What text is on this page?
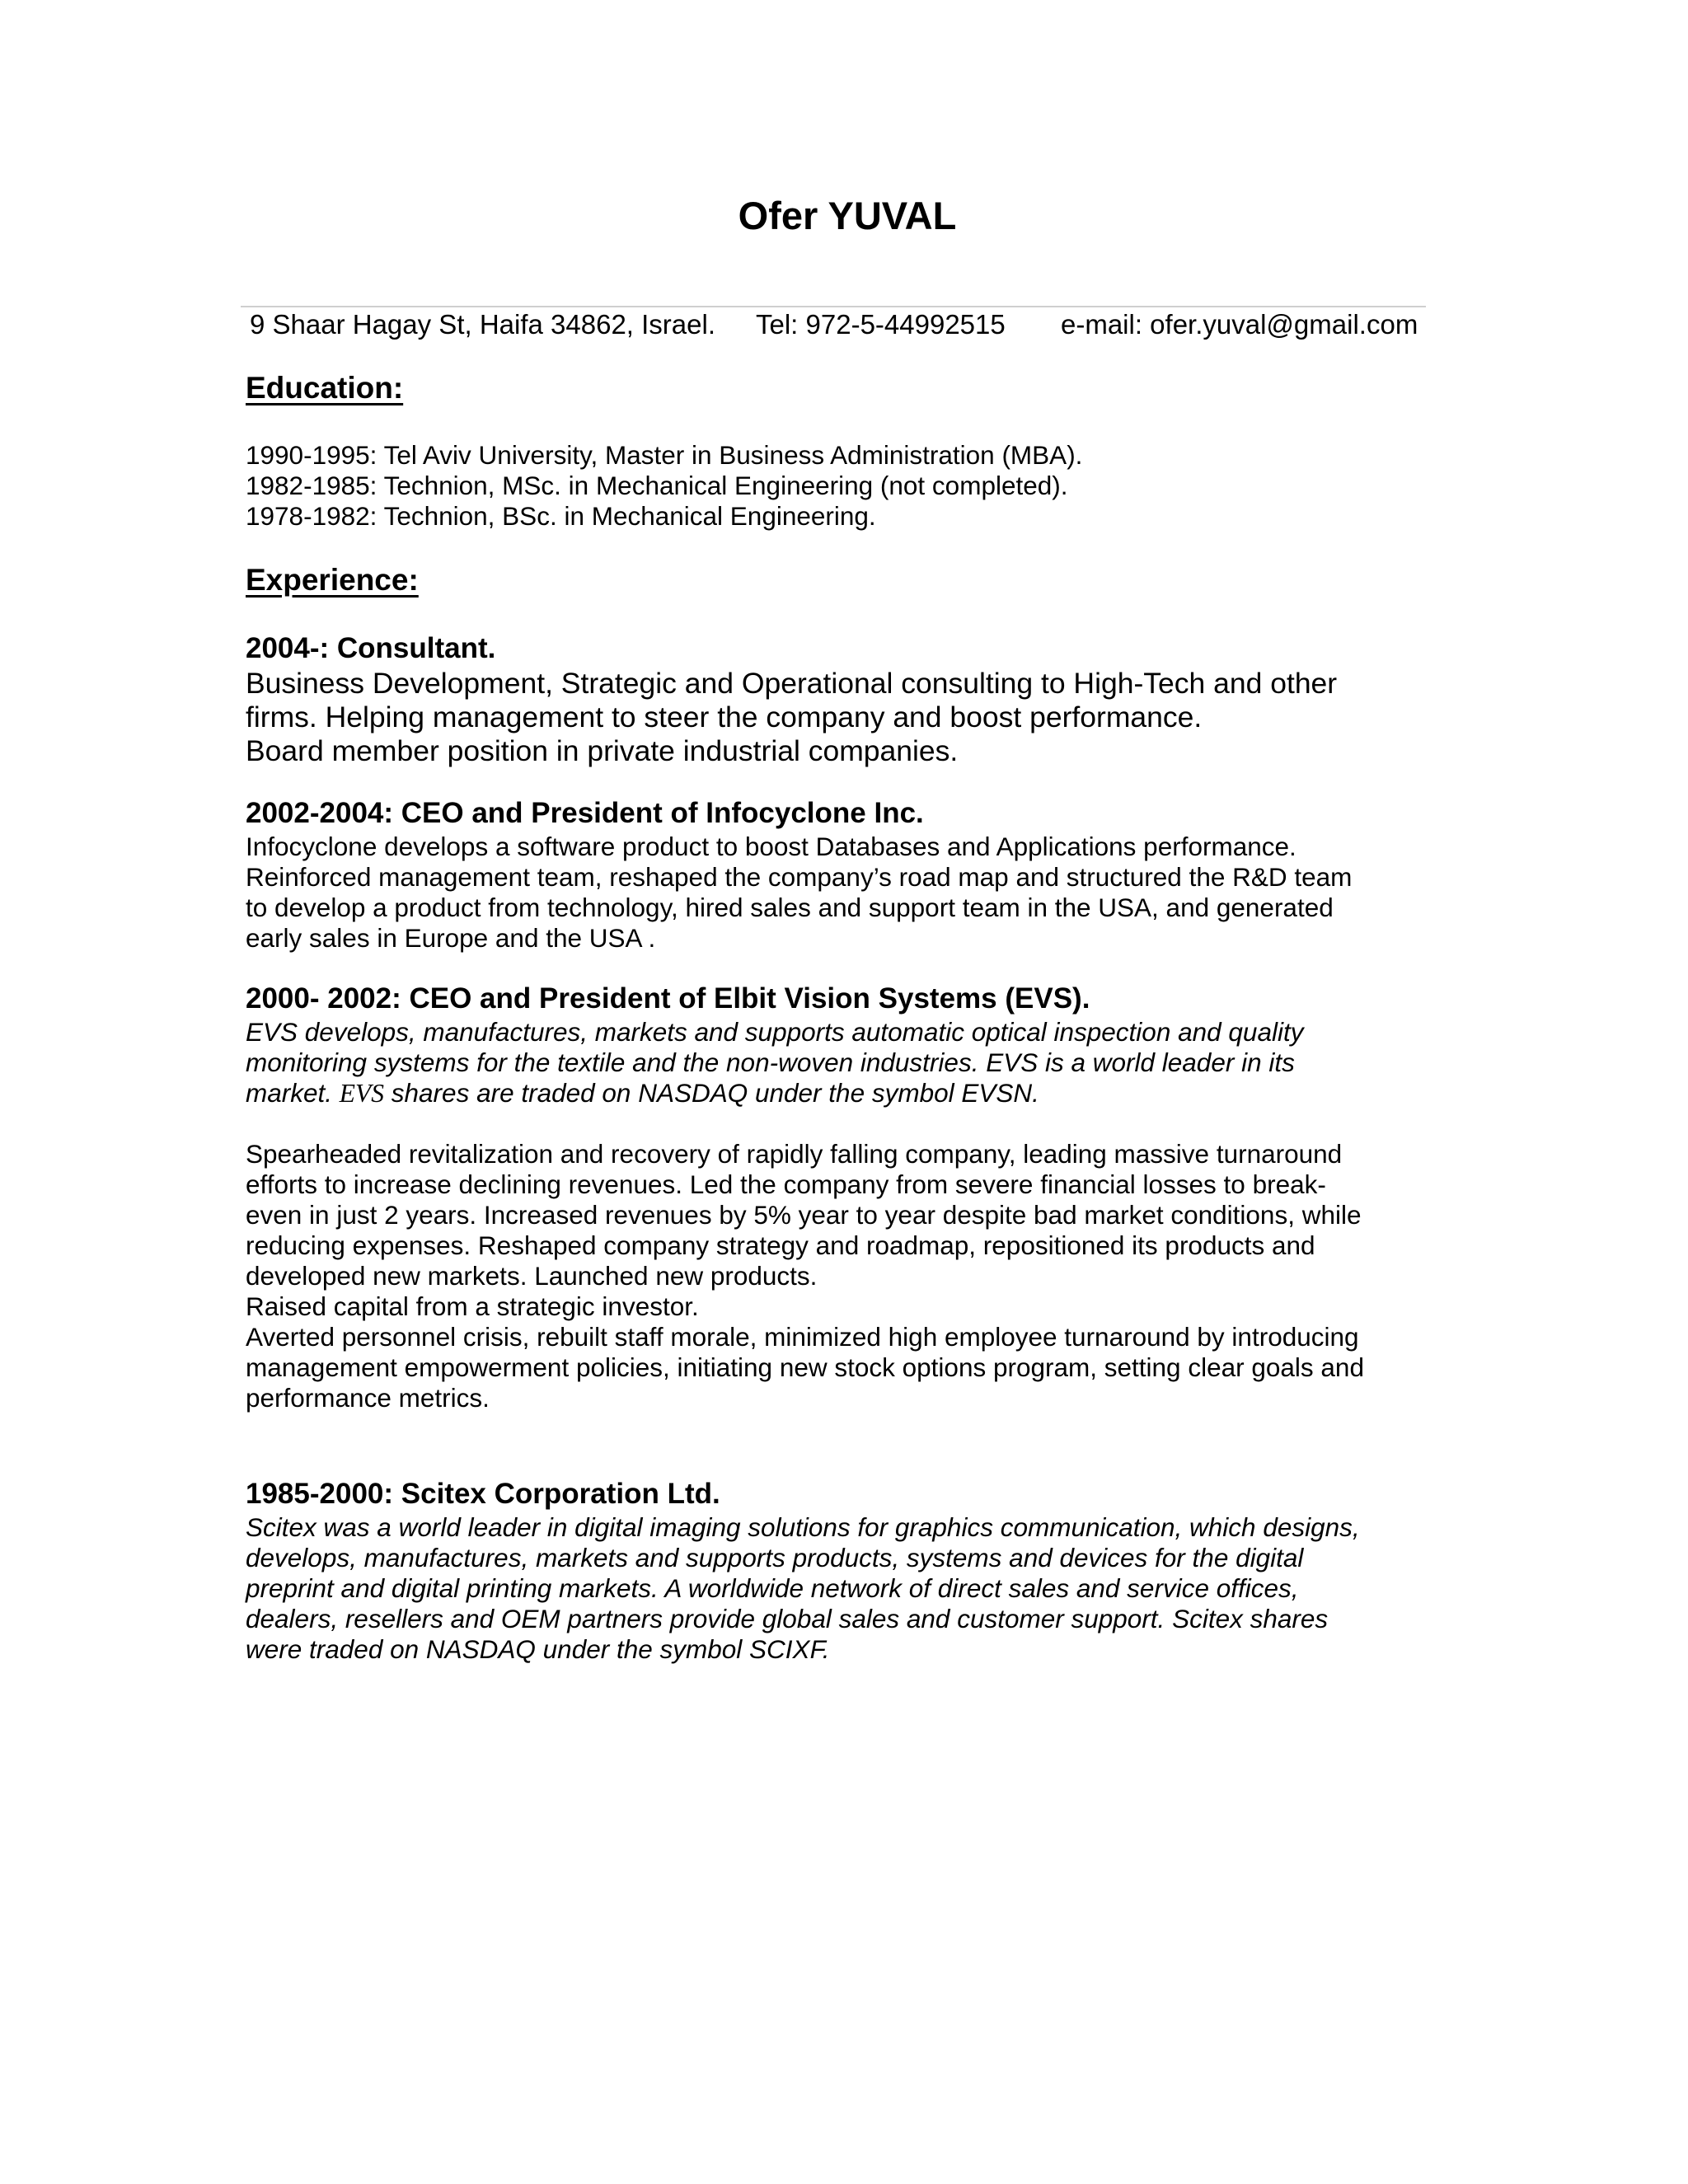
Ofer YUVAL
9 Shaar Hagay St, Haifa 34862, Israel. Tel: 972-5-44992515 e-mail: ofer.yuval@gmail.com
Education:
1990-1995: Tel Aviv University, Master in Business Administration (MBA).
1982-1985: Technion, MSc. in Mechanical Engineering (not completed).
1978-1982: Technion, BSc. in Mechanical Engineering.
Experience:
2004-: Consultant.
Business Development, Strategic and Operational consulting to High-Tech and other
firms. Helping management to steer the company and boost performance.
Board member position in private industrial companies.
2002-2004: CEO and President of Infocyclone Inc.
Infocyclone develops a software product to boost Databases and Applications performance.
Reinforced management team, reshaped the company’s road map and structured the R&D team
to develop a product from technology, hired sales and support team in the USA, and generated
early sales in Europe and the USA .
2000- 2002: CEO and President of Elbit Vision Systems (EVS).
EVS develops, manufactures, markets and supports automatic optical inspection and quality
monitoring systems for the textile and the non-woven industries. EVS is a world leader in its
market. EVS shares are traded on NASDAQ under the symbol EVSN.
Spearheaded revitalization and recovery of rapidly falling company, leading massive turnaround
efforts to increase declining revenues. Led the company from severe financial losses to break-
even in just 2 years. Increased revenues by 5% year to year despite bad market conditions, while
reducing expenses. Reshaped company strategy and roadmap, repositioned its products and
developed new markets. Launched new products.
Raised capital from a strategic investor.
Averted personnel crisis, rebuilt staff morale, minimized high employee turnaround by introducing
management empowerment policies, initiating new stock options program, setting clear goals and
performance metrics.
1985-2000: Scitex Corporation Ltd.
Scitex was a world leader in digital imaging solutions for graphics communication, which designs,
develops, manufactures, markets and supports products, systems and devices for the digital
preprint and digital printing markets. A worldwide network of direct sales and service offices,
dealers, resellers and OEM partners provide global sales and customer support. Scitex shares
were traded on NASDAQ under the symbol SCIXF.
